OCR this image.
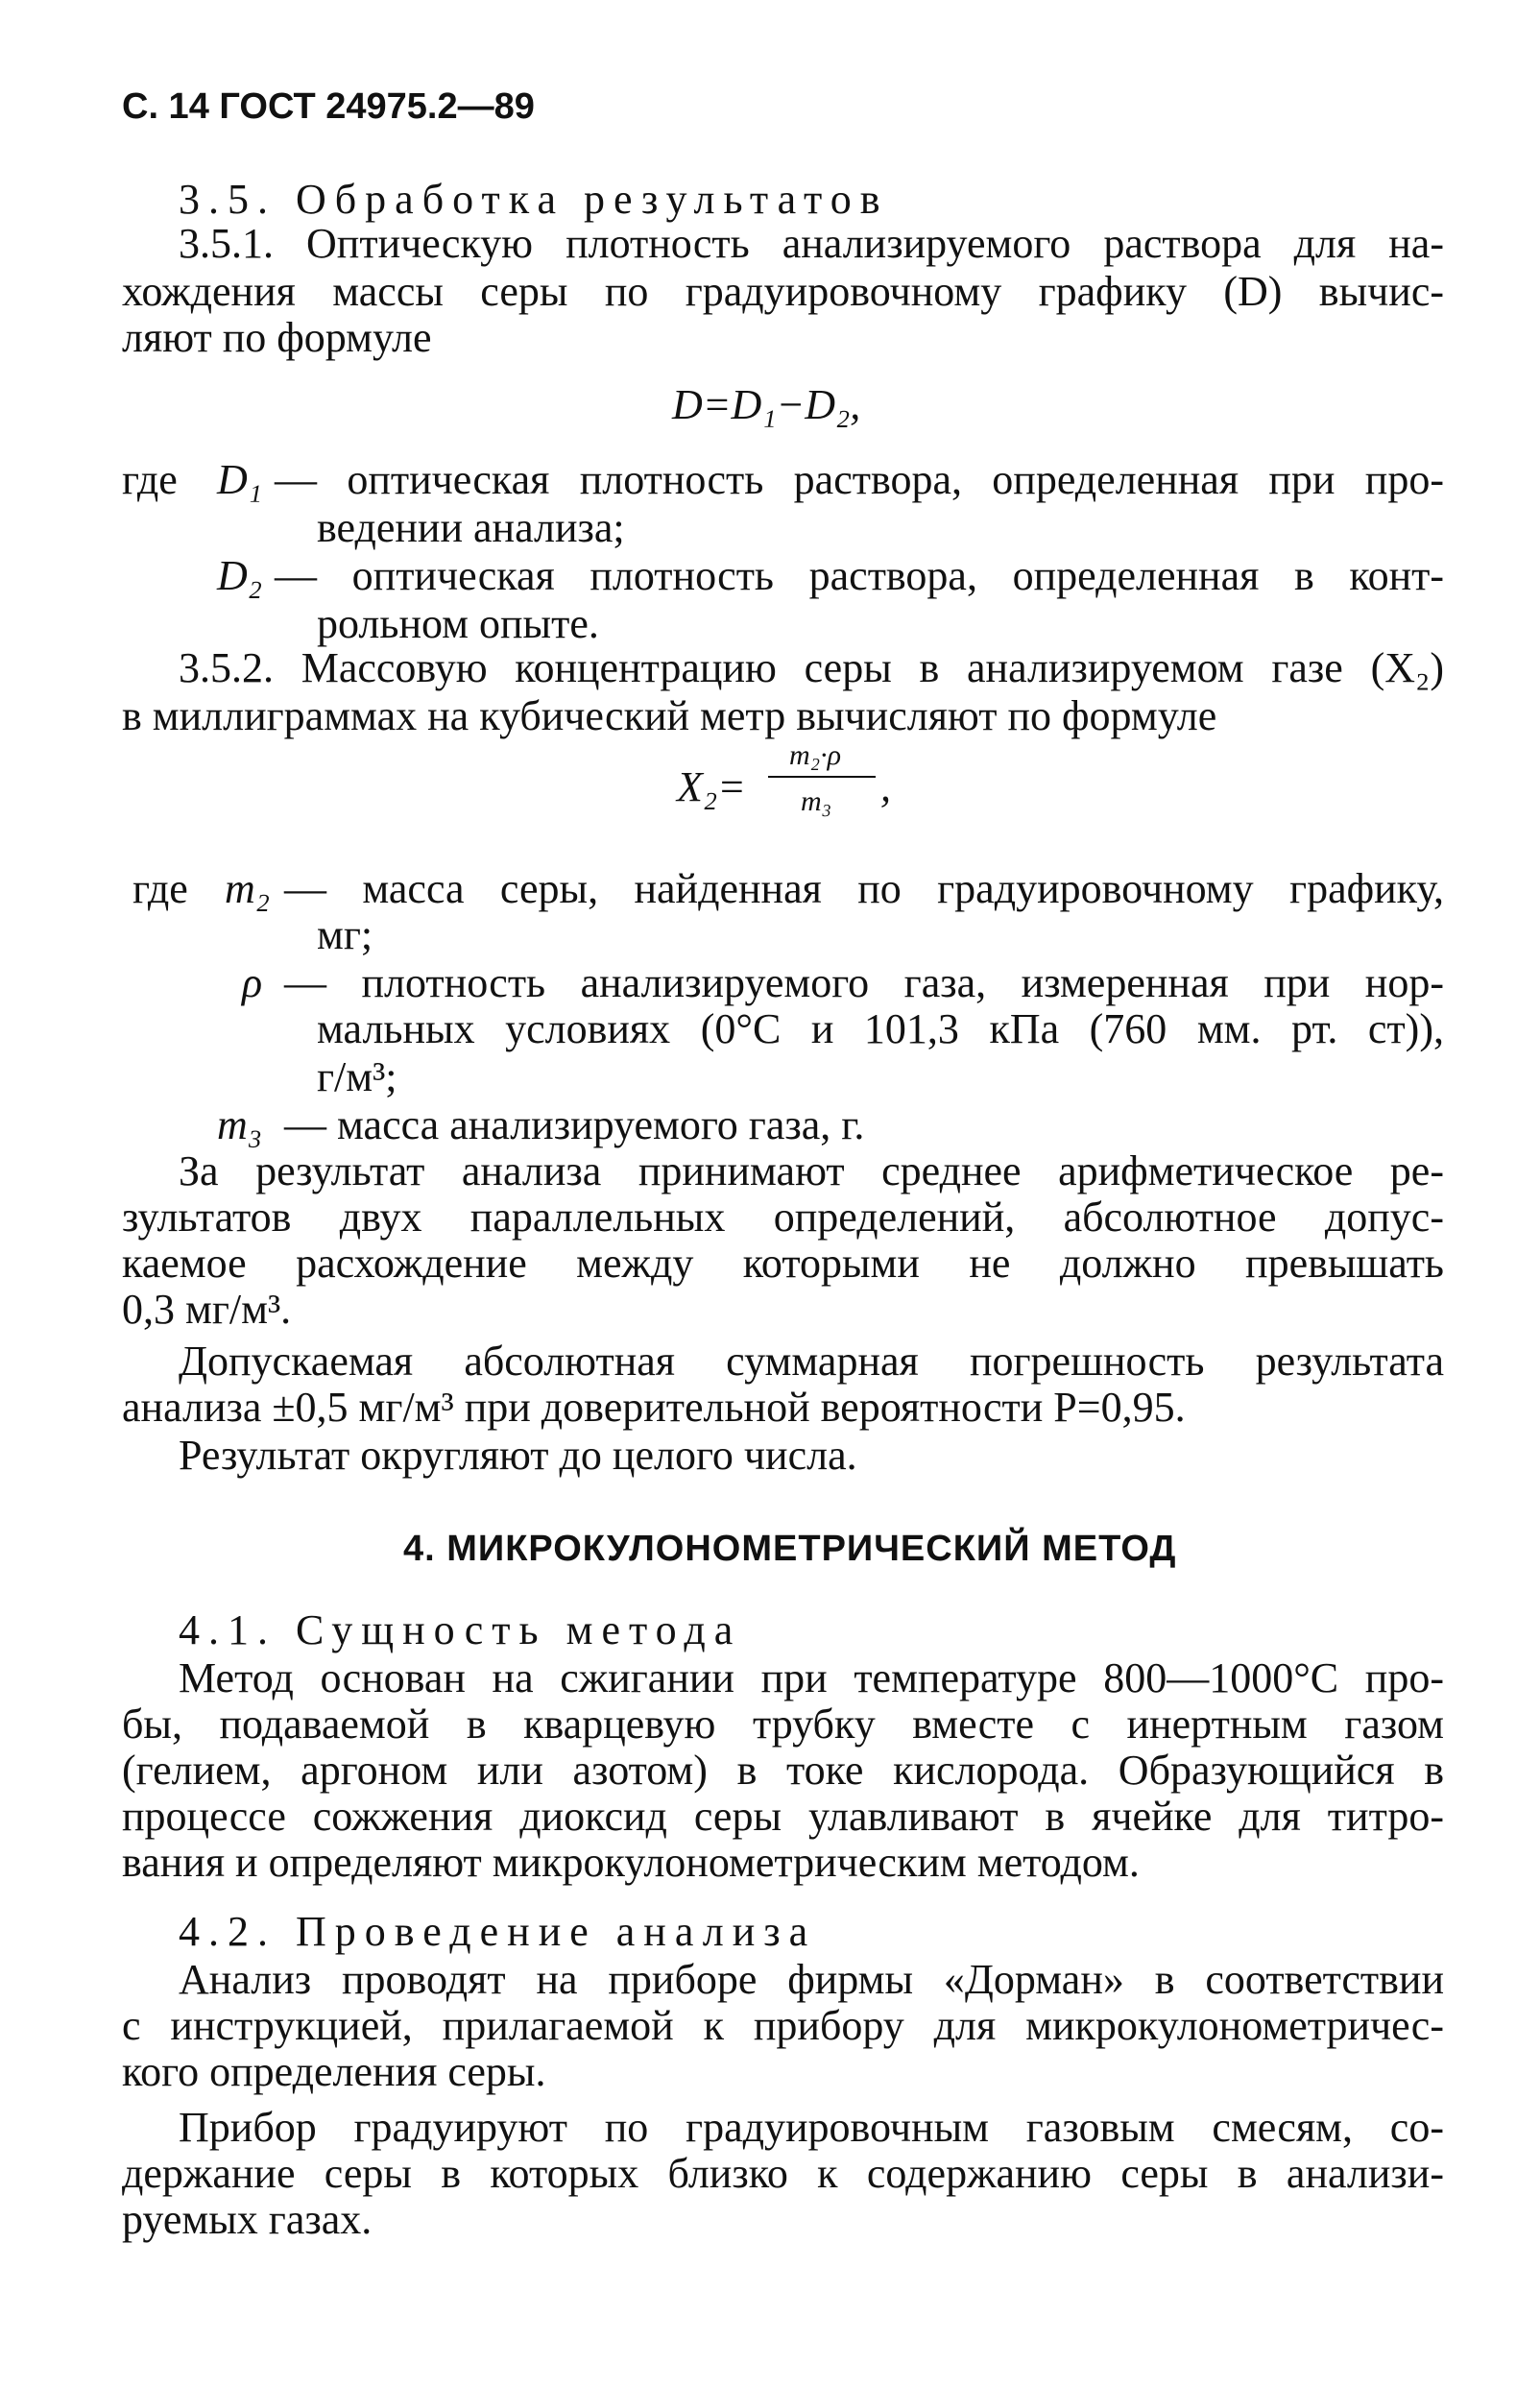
С. 14 ГОСТ 24975.2—89
3.5. Обработка результатов
3.5.1. Оптическую плотность анализируемого раствора для на-
хождения массы серы по градуировочному графику (D) вычис-
ляют по формуле
D=D₁−D₂,
где D₁ — оптическая плотность раствора, определенная при про-
ведении анализа;
D₂ — оптическая плотность раствора, определенная в конт-
рольном опыте.
3.5.2. Массовую концентрацию серы в анализируемом газе (X₂)
в миллиграммах на кубический метр вычисляют по формуле
X₂=
m₂·ρ
m₃ ,
где m₂ — масса серы, найденная по градуировочному графику,
мг;
ρ — плотность анализируемого газа, измеренная при нор-
мальных условиях (0°C и 101,3 кПа (760 мм. рт. ст)),
г/м³;
m₃ — масса анализируемого газа, г.
За результат анализа принимают среднее арифметическое ре-
зультатов двух параллельных определений, абсолютное допус-
каемое расхождение между которыми не должно превышать
0,3 мг/м³.
Допускаемая абсолютная суммарная погрешность результата
анализа ±0,5 мг/м³ при доверительной вероятности P=0,95.
Результат округляют до целого числа.
4. МИКРОКУЛОНОМЕТРИЧЕСКИЙ МЕТОД
4.1. Сущность метода
Метод основан на сжигании при температуре 800—1000°C про-
бы, подаваемой в кварцевую трубку вместе с инертным газом
(гелием, аргоном или азотом) в токе кислорода. Образующийся в
процессе сожжения диоксид серы улавливают в ячейке для титро-
вания и определяют микрокулонометрическим методом.
4.2. Проведение анализа
Анализ проводят на приборе фирмы «Дорман» в соответствии
с инструкцией, прилагаемой к прибору для микрокулонометричес-
кого определения серы.
Прибор градуируют по градуировочным газовым смесям, со-
держание серы в которых близко к содержанию серы в анализи-
руемых газах.
